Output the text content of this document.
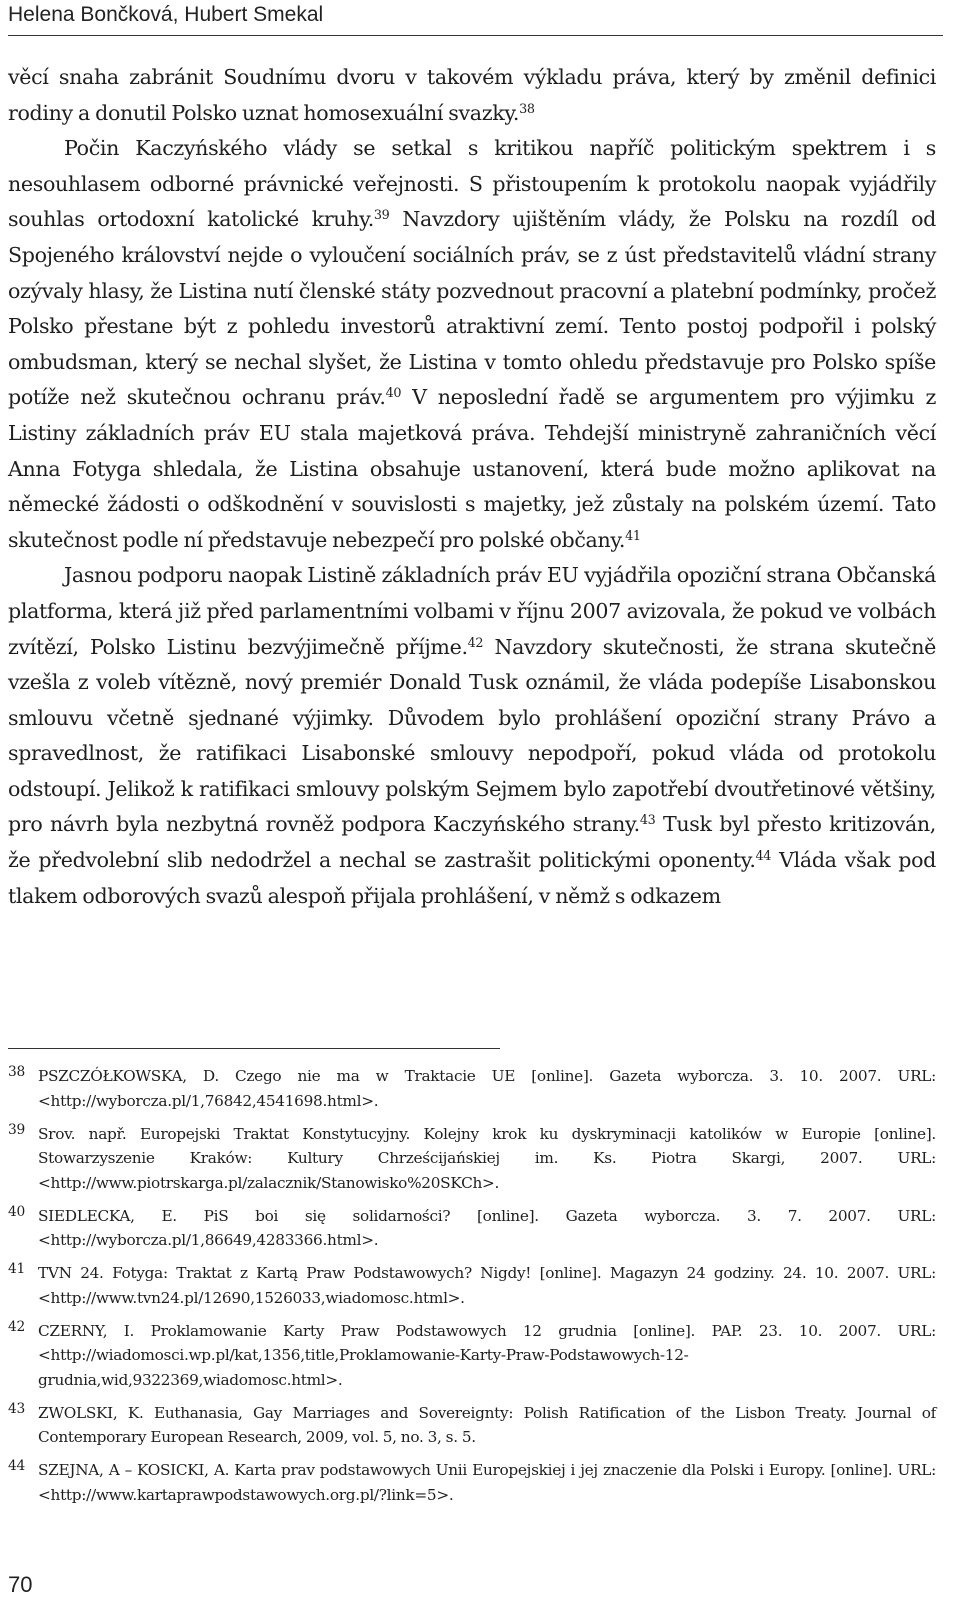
Helena Bončková, Hubert Smekal

věcí snaha zabránit Soudnímu dvoru v takovém výkladu práva, který by změnil definici rodiny a donutil Polsko uznat homosexuální svazky.$^{38}$

Počin Kaczyńského vlády se setkal s kritikou napříč politickým spektrem i s nesouhlasem odborné právnické veřejnosti. S přistoupením k protokolu naopak vyjádřily souhlas ortodoxní katolické kruhy.$^{39}$ Navzdory ujištěním vlády, že Polsku na rozdíl od Spojeného království nejde o vyloučení sociálních práv, se z úst představitelů vládní strany ozývaly hlasy, že Listina nutí členské státy pozvednout pracovní a platební podmínky, pročež Polsko přestane být z pohledu investorů atraktivní zemí. Tento postoj podpořil i polský ombudsman, který se nechal slyšet, že Listina v tomto ohledu představuje pro Polsko spíše potíže než skutečnou ochranu práv.$^{40}$ V neposlední řadě se argumentem pro výjimku z Listiny základních práv EU stala majetková práva. Tehdejší ministryně zahraničních věcí Anna Fotyga shledala, že Listina obsahuje ustanovení, která bude možno aplikovat na německé žádosti o odškodnění v souvislosti s majetky, jež zůstaly na polském území. Tato skutečnost podle ní představuje nebezpečí pro polské občany.$^{41}$

Jasnou podporu naopak Listině základních práv EU vyjádřila opoziční strana Občanská platforma, která již před parlamentními volbami v říjnu 2007 avizovala, že pokud ve volbách zvítězí, Polsko Listinu bezvýjimečně příjme.$^{42}$ Navzdory skutečnosti, že strana skutečně vzešla z voleb vítězně, nový premiér Donald Tusk oznámil, že vláda podepíše Lisabonskou smlouvu včetně sjednané výjimky. Důvodem bylo prohlášení opoziční strany Právo a spravedlnost, že ratifikaci Lisabonské smlouvy nepodpoří, pokud vláda od protokolu odstoupí. Jelikož k ratifikaci smlouvy polským Sejmem bylo zapotřebí dvoutřetinové většiny, pro návrh byla nezbytná rovněž podpora Kaczyńského strany.$^{43}$ Tusk byl přesto kritizován, že předvolební slib nedodržel a nechal se zastrašit politickými oponenty.$^{44}$ Vláda však pod tlakem odborových svazů alespoň přijala prohlášení, v němž s odkazem

$^{38}$ PSZCZÓŁKOWSKA, D. Czego nie ma w Traktacie UE [online]. Gazeta wyborcza. 3. 10. 2007. URL: <http://wyborcza.pl/1,76842,4541698.html>.
$^{39}$ Srov. např. Europejski Traktat Konstytucyjny. Kolejny krok ku dyskryminacji katolików w Europie [online]. Stowarzyszenie Kraków: Kultury Chrześcijańskiej im. Ks. Piotra Skargi, 2007. URL: <http://www.piotrskarga.pl/zalacznik/Stanowisko%20SKCh>.
$^{40}$ SIEDLECKA, E. PiS boi się solidarności? [online]. Gazeta wyborcza. 3. 7. 2007. URL: <http://wyborcza.pl/1,86649,4283366.html>.
$^{41}$ TVN 24. Fotyga: Traktat z Kartą Praw Podstawowych? Nigdy! [online]. Magazyn 24 godziny. 24. 10. 2007. URL: <http://www.tvn24.pl/12690,1526033,wiadomosc.html>.
$^{42}$ CZERNY, I. Proklamowanie Karty Praw Podstawowych 12 grudnia [online]. PAP. 23. 10. 2007. URL: <http://wiadomosci.wp.pl/kat,1356,title,Proklamowanie-Karty-Praw-Podstawowych-12-grudnia,wid,9322369,wiadomosc.html>.
$^{43}$ ZWOLSKI, K. Euthanasia, Gay Marriages and Sovereignty: Polish Ratification of the Lisbon Treaty. Journal of Contemporary European Research, 2009, vol. 5, no. 3, s. 5.
$^{44}$ SZEJNA, A – KOSICKI, A. Karta prav podstawowych Unii Europejskiej i jej znaczenie dla Polski i Europy. [online]. URL: <http://www.kartaprawpodstawowych.org.pl/?link=5>.
70
